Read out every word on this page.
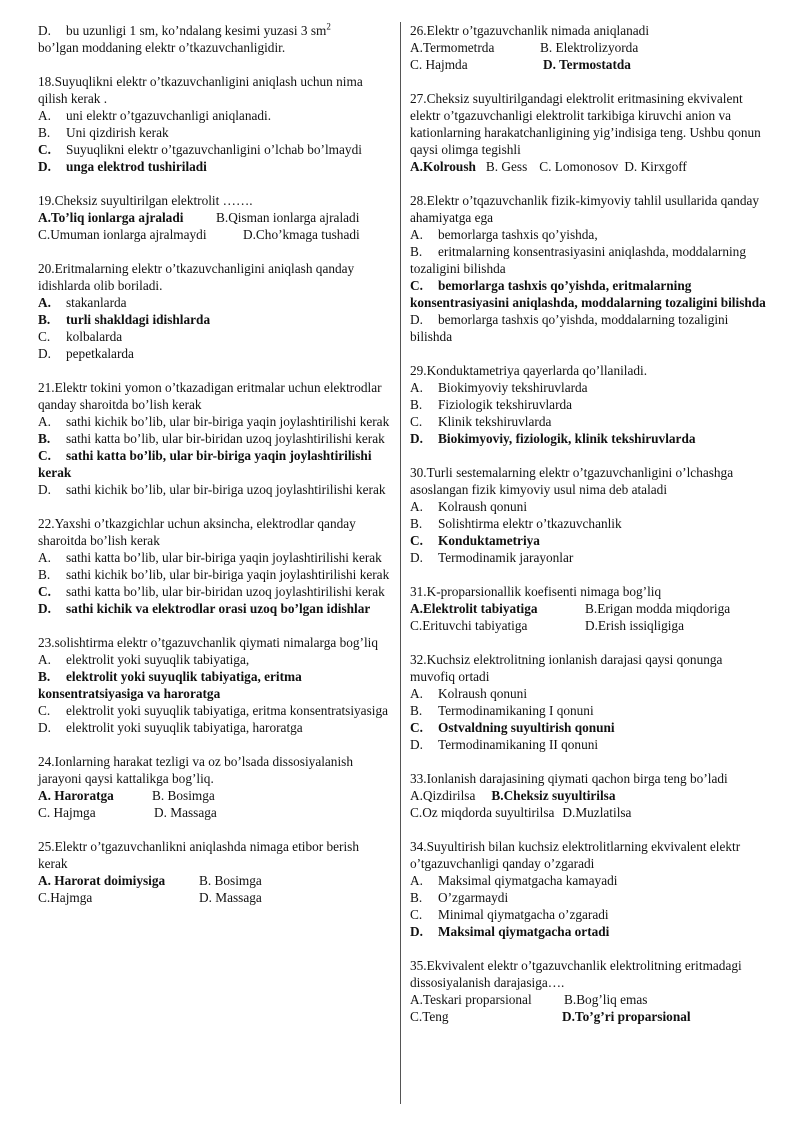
D.	bu uzunligi 1 sm, ko’ndalang kesimi yuzasi 3 $sm^2$
bo’lgan moddaning elektr o’tkazuvchanligidir.
18.Suyuqlikni elektr o’tkazuvchanligini aniqlash uchun nima qilish kerak .
A.	uni elektr o’tgazuvchanligi aniqlanadi.
B.	Uni qizdirish kerak
C. Suyuqlikni elektr o’tgazuvchanligini o’lchab bo’lmaydi
D.	unga elektrod tushiriladi
19.Cheksiz suyultirilgan elektrolit …….
A.To’liq ionlarga ajraladi	B.Qisman ionlarga ajraladi
C.Umuman ionlarga ajralmaydi	D.Cho’kmaga tushadi
20.Eritmalarning elektr o’tkazuvchanligini aniqlash qanday idishlarda olib boriladi.
A.	stakanlarda
B.	turli shakldagi idishlarda
C.	kolbalarda
D.	pepetkalarda
21.Elektr tokini yomon o’tkazadigan eritmalar uchun elektrodlar qanday sharoitda bo’lish kerak
A. sathi kichik bo’lib, ular bir-biriga yaqin joylashtirilishi kerak
B. sathi katta bo’lib, ular bir-biridan uzoq joylashtirilishi kerak
C. sathi katta bo’lib, ular bir-biriga yaqin joylashtirilishi kerak
D. sathi kichik bo’lib, ular bir-biriga uzoq joylashtirilishi kerak
22.Yaxshi o’tkazgichlar uchun aksincha, elektrodlar qanday sharoitda bo’lish kerak
A. sathi katta bo’lib, ular bir-biriga yaqin joylashtirilishi kerak
B. sathi kichik bo’lib, ular bir-biriga yaqin joylashtirilishi kerak
C. sathi katta bo’lib, ular bir-biridan uzoq joylashtirilishi kerak
D. sathi kichik va elektrodlar orasi uzoq bo’lgan idishlar
23.solishtirma elektr o’tgazuvchanlik qiymati nimalarga bog’liq
A.	elektrolit yoki suyuqlik tabiyatiga,
B. elektrolit yoki suyuqlik tabiyatiga, eritma konsentratsiyasiga va haroratga
C. elektrolit yoki suyuqlik tabiyatiga, eritma konsentratsiyasiga
D.	elektrolit yoki suyuqlik tabiyatiga, haroratga
24.Ionlarning harakat tezligi va oz bo’lsada dissosiyalanish jarayoni qaysi kattalikga bog’liq.
A. Haroratga	B. Bosimga
C. Hajmga	D. Massaga
25.Elektr o’tgazuvchanlikni aniqlashda nimaga etibor berish kerak
A. Harorat doimiysiga	B. Bosimga
C.Hajmga	D. Massaga
26.Elektr o’tgazuvchanlik nimada aniqlanadi
A.Termometrda	B. Elektrolizyorda
C. Hajmda	D. Termostatda
27.Cheksiz suyultirilgandagi elektrolit eritmasining ekvivalent elektr o’tgazuvchanligi elektrolit tarkibiga kiruvchi anion va kationlarning harakatchanligining yig’indisiga teng. Ushbu qonun qaysi olimga tegishli
A.Kolroush B. Gess C. Lomonosov D. Kirxgoff
28.Elektr o’tqazuvchanlik fizik-kimyoviy tahlil usullarida qanday ahamiyatga ega
A.	bemorlarga tashxis qo’yishda,
B. eritmalarning konsentrasiyasini aniqlashda, moddalarning tozaligini bilishda
C. bemorlarga tashxis qo’yishda, eritmalarning konsentrasiyasini aniqlashda, moddalarning tozaligini bilishda
D. bemorlarga tashxis qo’yishda, moddalarning tozaligini bilishda
29.Konduktametriya qayerlarda qo’llaniladi.
A.	Biokimyoviy tekshiruvlarda
B.	Fiziologik tekshiruvlarda
C.	Klinik tekshiruvlarda
D.	Biokimyoviy, fiziologik, klinik tekshiruvlarda
30.Turli sestemalarning elektr o’tgazuvchanligini o’lchashga asoslangan fizik kimyoviy usul nima deb ataladi
A.	Kolraush qonuni
B.	Solishtirma elektr o’tkazuvchanlik
C.	Konduktametriya
D.	Termodinamik jarayonlar
31.K-proparsionallik koefisenti nimaga bog’liq
A.Elektrolit tabiyatiga	B.Erigan modda miqdoriga
C.Erituvchi tabiyatiga	D.Erish issiqligiga
32.Kuchsiz elektrolitning ionlanish darajasi qaysi qonunga muvofiq ortadi
A.	Kolraush qonuni
B.	Termodinamikaning I qonuni
C.	Ostvaldning suyultirish qonuni
D.	Termodinamikaning II qonuni
33.Ionlanish darajasining qiymati qachon birga teng bo’ladi
A.Qizdirilsa B.Cheksiz suyultirilsa
C.Oz miqdorda suyultirilsa D.Muzlatilsa
34.Suyultirish bilan kuchsiz elektrolitlarning ekvivalent elektr o’tgazuvchanligi qanday o’zgaradi
A.	Maksimal qiymatgacha kamayadi
B.	O’zgarmaydi
C.	Minimal qiymatgacha o’zgaradi
D.	Maksimal qiymatgacha ortadi
35.Ekvivalent elektr o’tgazuvchanlik elektrolitning eritmadagi dissosiyalanish darajasiga….
A.Teskari proparsional	B.Bog’liq emas
C.Teng	D.To’g’ri proparsional
